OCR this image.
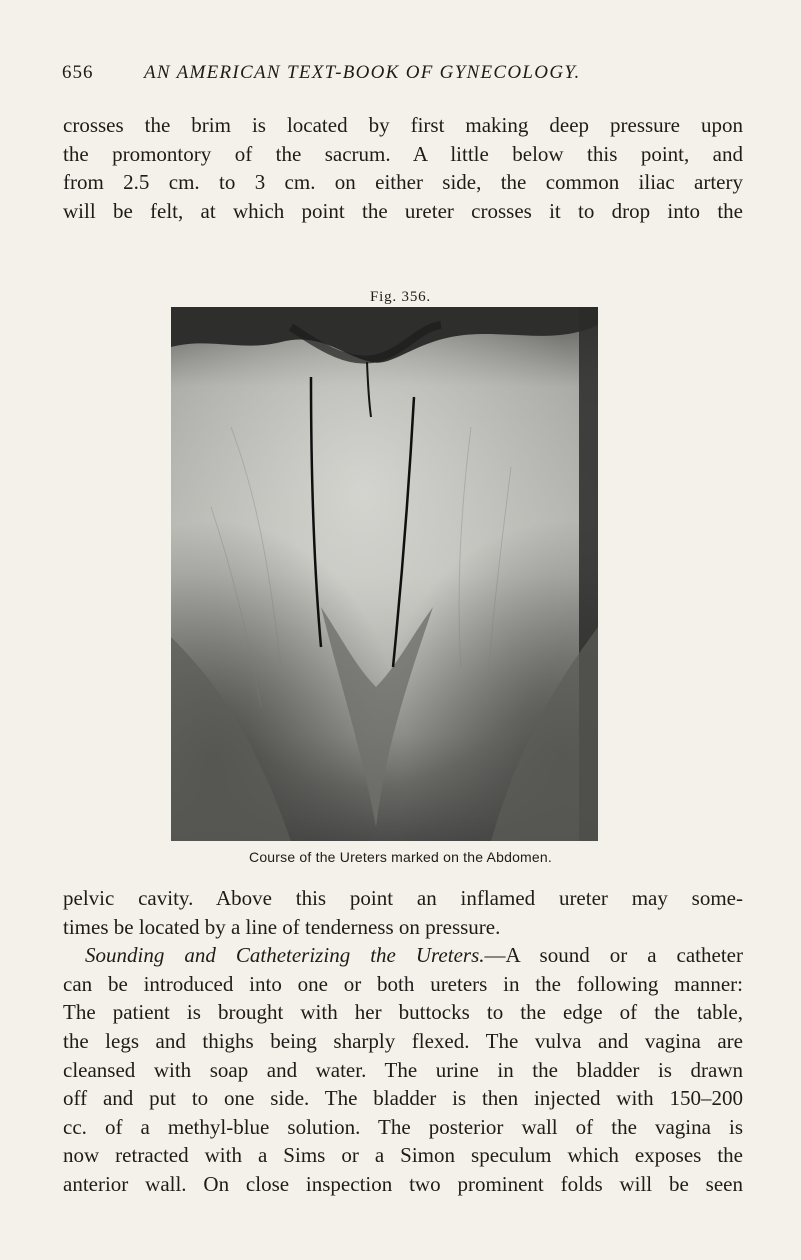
656	AN AMERICAN TEXT-BOOK OF GYNECOLOGY.
crosses the brim is located by first making deep pressure upon
the promontory of the sacrum. A little below this point, and
from 2.5 cm. to 3 cm. on either side, the common iliac artery
will be felt, at which point the ureter crosses it to drop into the
Fig. 356.
Course of the Ureters marked on the Abdomen.
pelvic cavity. Above this point an inflamed ureter may some-
times be located by a line of tenderness on pressure.
Sounding and Catheterizing the Ureters.—A sound or a catheter
can be introduced into one or both ureters in the following manner:
The patient is brought with her buttocks to the edge of the table,
the legs and thighs being sharply flexed. The vulva and vagina are
cleansed with soap and water. The urine in the bladder is drawn
off and put to one side. The bladder is then injected with 150–200
cc. of a methyl-blue solution. The posterior wall of the vagina is
now retracted with a Sims or a Simon speculum which exposes the
anterior wall. On close inspection two prominent folds will be seen
